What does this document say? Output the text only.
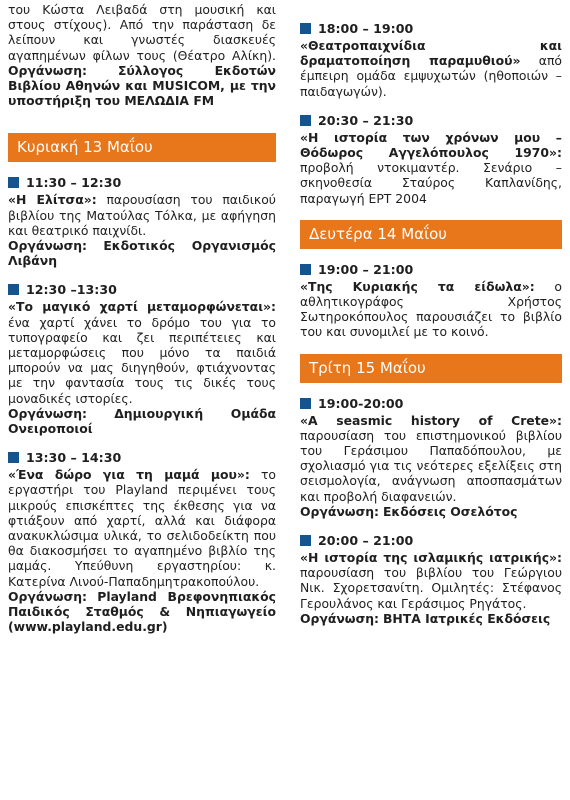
του Κώστα Λειβαδά στη μουσική και στους στίχους). Από την παράσταση δε λείπουν και γνωστές διασκευές αγαπημένων φίλων τους (Θέατρο Αλίκη). Οργάνωση: Σύλλογος Εκδοτών Βιβλίου Αθηνών και MUSICOM, με την υποστήριξη του ΜΕΛΩΔΙΑ FM

Κυριακή 13 Μαΐου
11:30 – 12:30

«Η Ελίτσα»: παρουσίαση του παιδικού βιβλίου της Ματούλας Τόλκα, με αφήγηση και θεατρικό παιχνίδι.

Οργάνωση: Εκδοτικός Οργανισμός Λιβάνη

12:30 –13:30

«Το μαγικό χαρτί μεταμορφώνεται»: ένα χαρτί χάνει το δρόμο του για το τυπογραφείο και ζει περιπέτειες και μεταμορφώσεις που μόνο τα παιδιά μπορούν να μας διηγηθούν, φτιάχνοντας με την φαντασία τους τις δικές τους μοναδικές ιστορίες.

Οργάνωση: Δημιουργική Ομάδα Ονειροποιοί

13:30 – 14:30

«Ένα δώρο για τη μαμά μου»: το εργαστήρι του Playland περιμένει τους μικρούς επισκέπτες της έκθεσης για να φτιάξουν από χαρτί, αλλά και διάφορα ανακυκλώσιμα υλικά, το σελιδοδείκτη που θα διακοσμήσει το αγαπημένο βιβλίο της μαμάς. Υπεύθυνη εργαστηρίου: κ. Κατερίνα Λινού-Παπαδημητρακοπούλου.

Οργάνωση: Playland Βρεφονηπιακός Παιδικός Σταθμός & Νηπιαγωγείο (www.playland.edu.gr)

18:00 – 19:00

«Θεατροπαιχνίδια και δραματοποίηση παραμυθιού» από έμπειρη ομάδα εμψυχωτών (ηθοποιών – παιδαγωγών).

20:30 – 21:30

«Η ιστορία των χρόνων μου – Θόδωρος Αγγελόπουλος 1970»: προβολή ντοκιμαντέρ. Σενάριο – σκηνοθεσία Σταύρος Καπλανίδης, παραγωγή ΕΡΤ 2004

Δευτέρα 14 Μαΐου
19:00 – 21:00

«Της Κυριακής τα είδωλα»: ο αθλητικογράφος Χρήστος Σωτηροκόπουλος παρουσιάζει το βιβλίο του και συνομιλεί με το κοινό.

Τρίτη 15 Μαΐου
19:00-20:00

«A seasmic history of Crete»: παρουσίαση του επιστημονικού βιβλίου του Γεράσιμου Παπαδόπουλου, με σχολιασμό για τις νεότερες εξελίξεις στη σεισμολογία, ανάγνωση αποσπασμάτων και προβολή διαφανειών.

Οργάνωση: Εκδόσεις Οσελότος

20:00 – 21:00

«Η ιστορία της ισλαμικής ιατρικής»: παρουσίαση του βιβλίου του Γεώργιου Νικ. Σχορετσανίτη. Ομιλητές: Στέφανος Γερουλάνος και Γεράσιμος Ρηγάτος.

Οργάνωση: ΒΗΤΑ Ιατρικές Εκδόσεις
